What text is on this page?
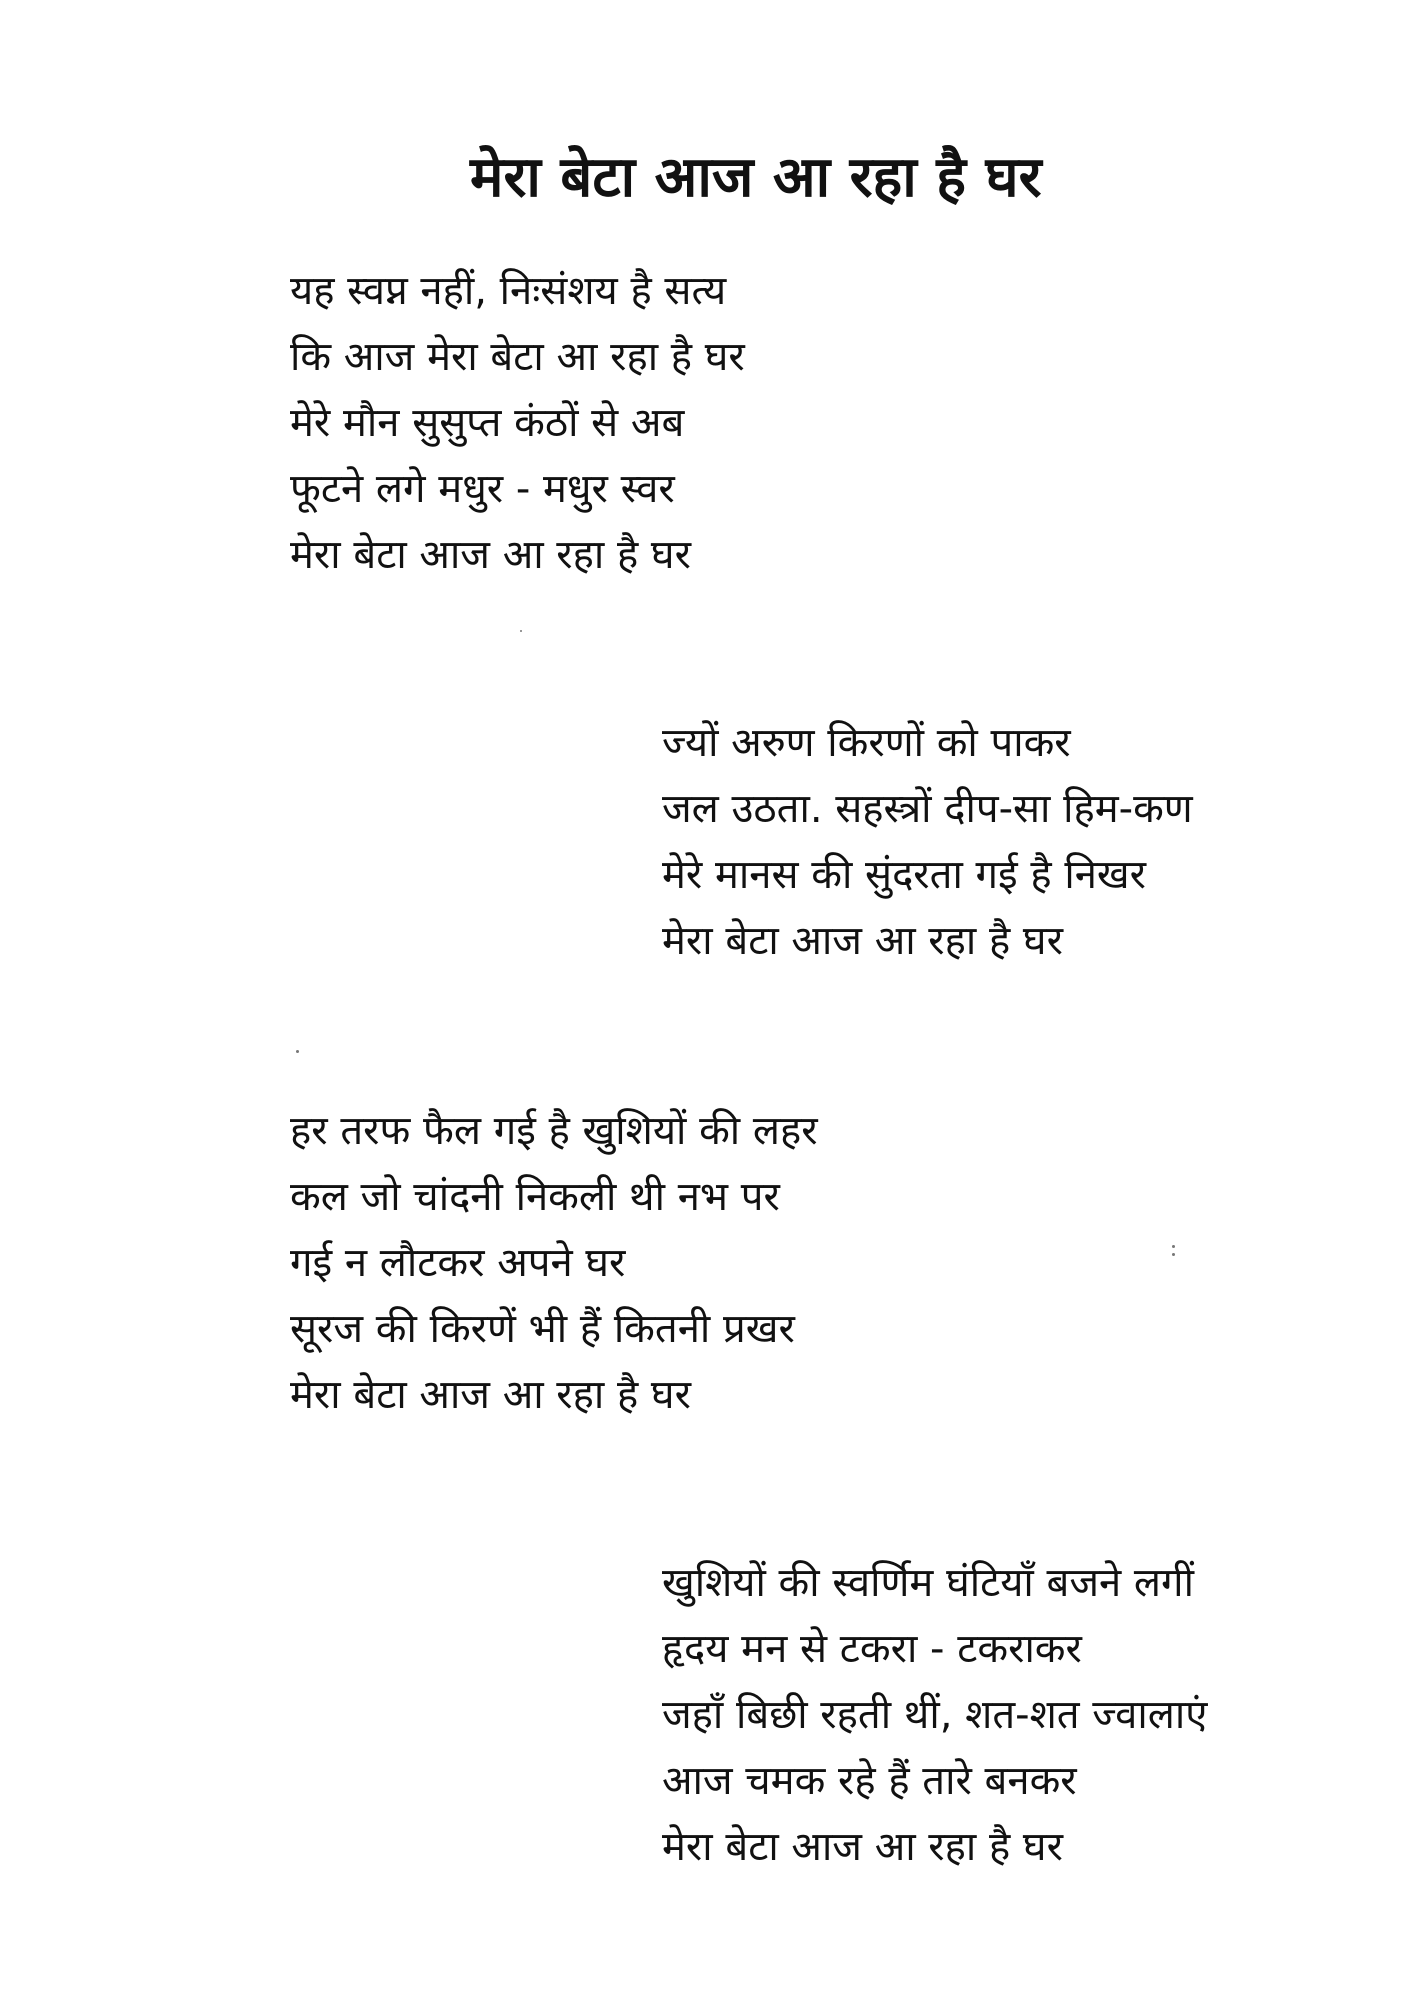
मेरा बेटा आज आ रहा है घर
यह स्वप्न नहीं, निःसंशय है सत्य
कि आज मेरा बेटा आ रहा है घर
मेरे मौन सुसुप्त कंठों से अब
फूटने लगे मधुर - मधुर स्वर
मेरा बेटा आज आ रहा है घर
ज्यों अरुण किरणों को पाकर
जल उठता. सहस्त्रों दीप-सा हिम-कण
मेरे मानस की सुंदरता गई है निखर
मेरा बेटा आज आ रहा है घर
हर तरफ फैल गई है खुशियों की लहर
कल जो चांदनी निकली थी नभ पर
गई न लौटकर अपने घर
सूरज की किरणें भी हैं कितनी प्रखर
मेरा बेटा आज आ रहा है घर
खुशियों की स्वर्णिम घंटियाँ बजने लगीं
हृदय मन से टकरा - टकराकर
जहाँ बिछी रहती थीं, शत-शत ज्वालाएं
आज चमक रहे हैं तारे बनकर
मेरा बेटा आज आ रहा है घर
